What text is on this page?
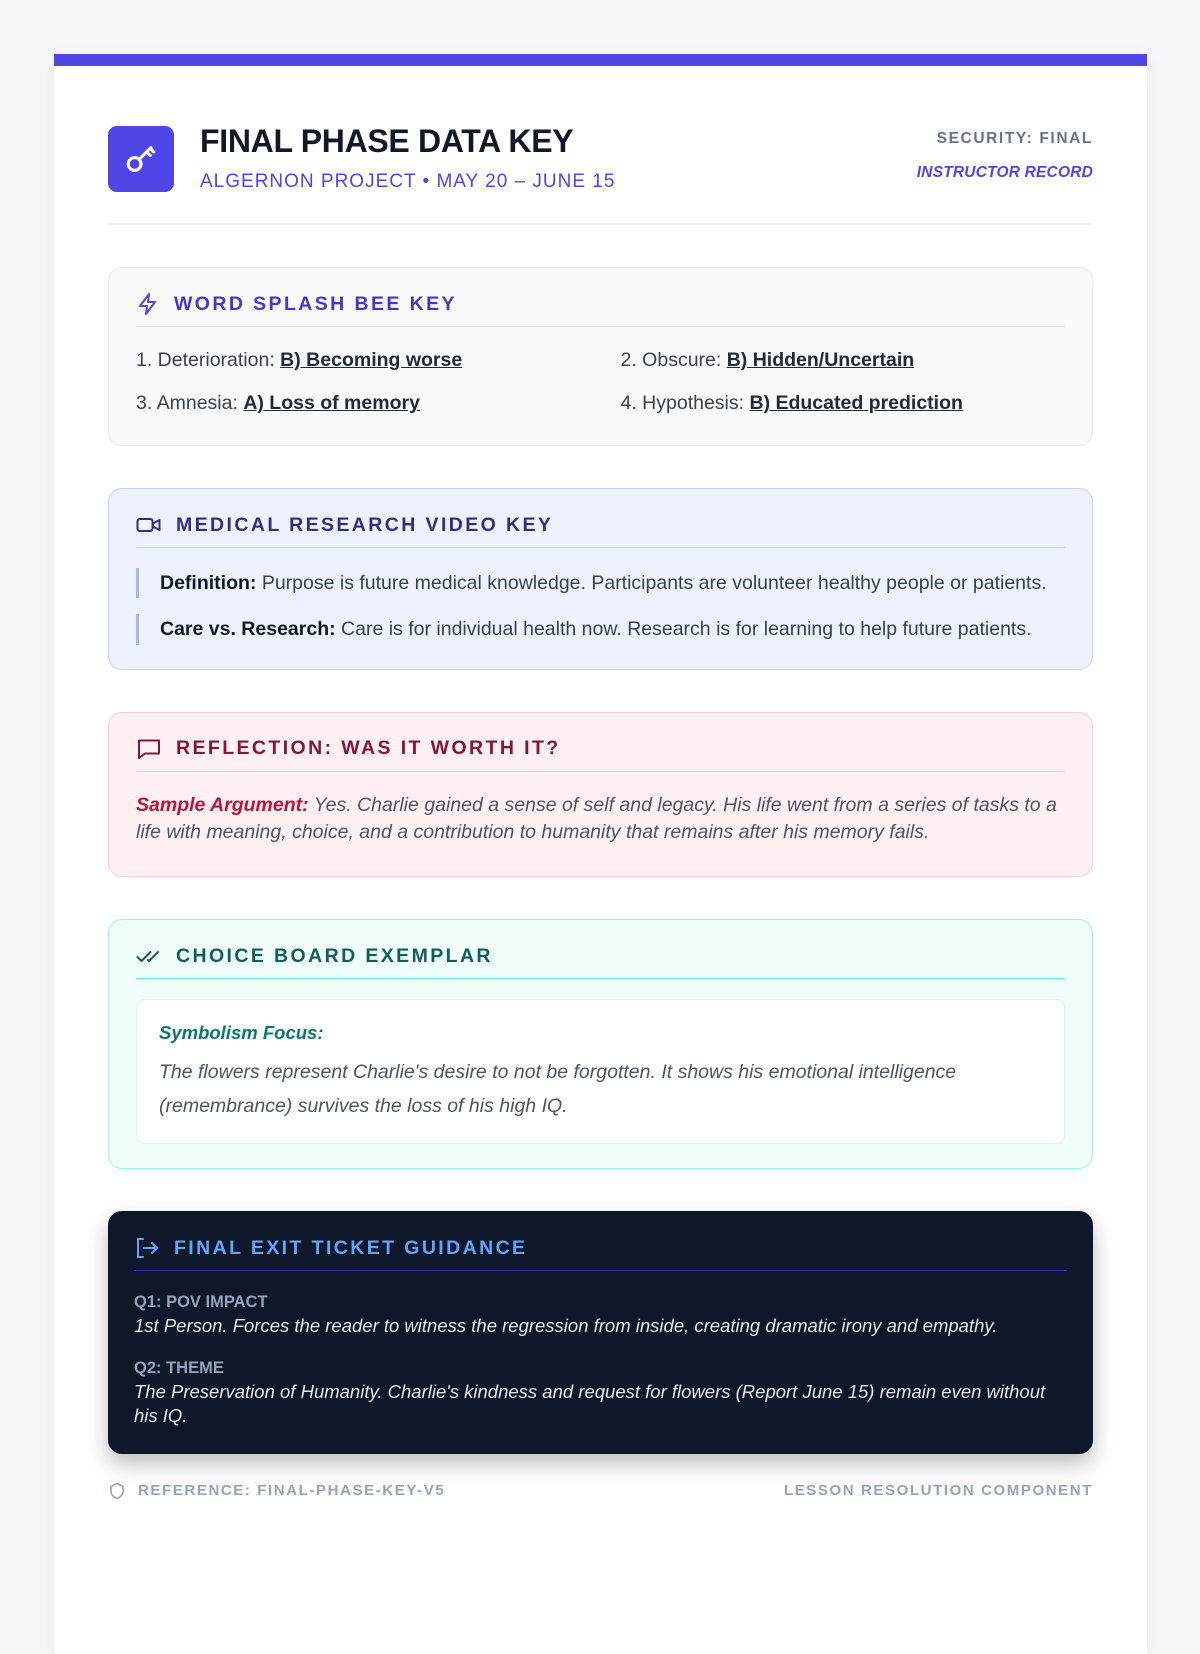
FINAL PHASE DATA KEY
ALGERNON PROJECT • MAY 20 – JUNE 15
SECURITY: FINAL
INSTRUCTOR RECORD
WORD SPLASH BEE KEY
1. Deterioration: B) Becoming worse	2. Obscure: B) Hidden/Uncertain
3. Amnesia: A) Loss of memory	4. Hypothesis: B) Educated prediction
MEDICAL RESEARCH VIDEO KEY
Definition: Purpose is future medical knowledge. Participants are volunteer healthy people or patients.
Care vs. Research: Care is for individual health now. Research is for learning to help future patients.
REFLECTION: WAS IT WORTH IT?
Sample Argument: Yes. Charlie gained a sense of self and legacy. His life went from a series of tasks to a life with meaning, choice, and a contribution to humanity that remains after his memory fails.
CHOICE BOARD EXEMPLAR
Symbolism Focus:
The flowers represent Charlie's desire to not be forgotten. It shows his emotional intelligence (remembrance) survives the loss of his high IQ.
FINAL EXIT TICKET GUIDANCE
Q1: POV IMPACT
1st Person. Forces the reader to witness the regression from inside, creating dramatic irony and empathy.
Q2: THEME
The Preservation of Humanity. Charlie's kindness and request for flowers (Report June 15) remain even without his IQ.
REFERENCE: FINAL-PHASE-KEY-V5	LESSON RESOLUTION COMPONENT
